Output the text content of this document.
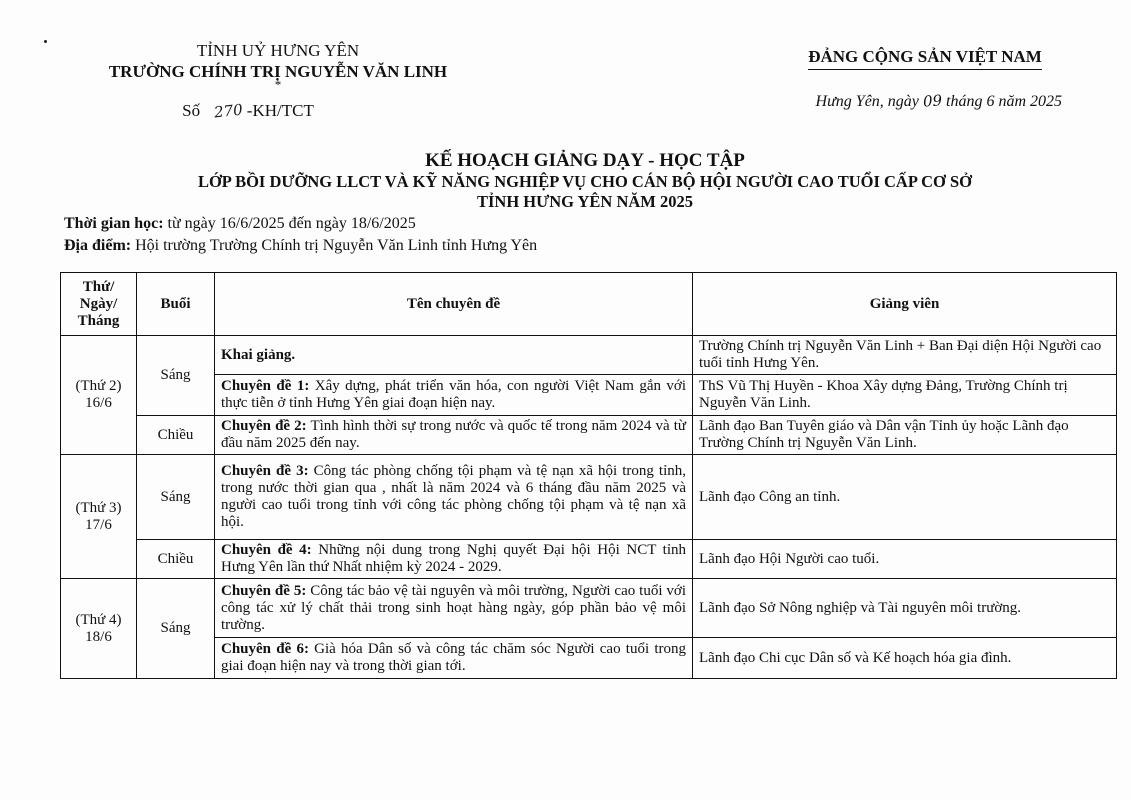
TỈNH UỶ HƯNG YÊN
TRƯỜNG CHÍNH TRỊ NGUYỄN VĂN LINH
*
Số 270 -KH/TCT
ĐẢNG CỘNG SẢN VIỆT NAM
Hưng Yên, ngày 09 tháng 6 năm 2025
KẾ HOẠCH GIẢNG DẠY - HỌC TẬP
LỚP BỒI DƯỠNG LLCT VÀ KỸ NĂNG NGHIỆP VỤ CHO CÁN BỘ HỘI NGƯỜI CAO TUỔI CẤP CƠ SỞ
TỈNH HƯNG YÊN NĂM 2025
Thời gian học: từ ngày 16/6/2025 đến ngày 18/6/2025
Địa điểm: Hội trường Trường Chính trị Nguyễn Văn Linh tỉnh Hưng Yên
Thứ/ Ngày/ Tháng	Buổi	Tên chuyên đề	Giảng viên
(Thứ 2) 16/6	Sáng	Khai giảng.	Trường Chính trị Nguyễn Văn Linh + Ban Đại diện Hội Người cao tuổi tỉnh Hưng Yên.
		Chuyên đề 1: Xây dựng, phát triển văn hóa, con người Việt Nam gắn với thực tiễn ở tỉnh Hưng Yên giai đoạn hiện nay.	ThS Vũ Thị Huyền - Khoa Xây dựng Đảng, Trường Chính trị Nguyễn Văn Linh.
	Chiều	Chuyên đề 2: Tình hình thời sự trong nước và quốc tế trong năm 2024 và từ đầu năm 2025 đến nay.	Lãnh đạo Ban Tuyên giáo và Dân vận Tỉnh ủy hoặc Lãnh đạo Trường Chính trị Nguyễn Văn Linh.
(Thứ 3) 17/6	Sáng	Chuyên đề 3: Công tác phòng chống tội phạm và tệ nạn xã hội trong tỉnh, trong nước thời gian qua , nhất là năm 2024 và 6 tháng đầu năm 2025 và người cao tuổi trong tỉnh với công tác phòng chống tội phạm và tệ nạn xã hội.	Lãnh đạo Công an tỉnh.
	Chiều	Chuyên đề 4: Những nội dung trong Nghị quyết Đại hội Hội NCT tỉnh Hưng Yên lần thứ Nhất nhiệm kỳ 2024 - 2029.	Lãnh đạo Hội Người cao tuổi.
(Thứ 4) 18/6	Sáng	Chuyên đề 5: Công tác bảo vệ tài nguyên và môi trường, Người cao tuổi với công tác xử lý chất thải trong sinh hoạt hàng ngày, góp phần bảo vệ môi trường.	Lãnh đạo Sở Nông nghiệp và Tài nguyên môi trường.
		Chuyên đề 6: Già hóa Dân số và công tác chăm sóc Người cao tuổi trong giai đoạn hiện nay và trong thời gian tới.	Lãnh đạo Chi cục Dân số và Kế hoạch hóa gia đình.
